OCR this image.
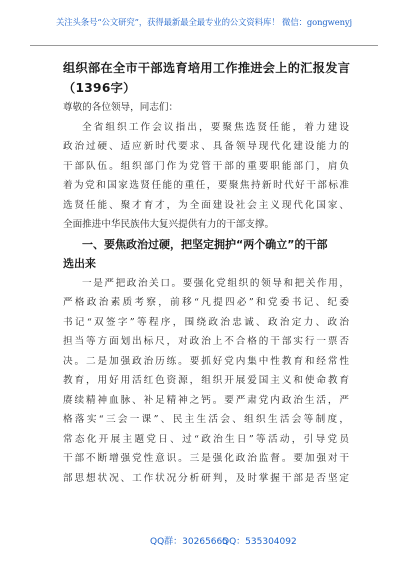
关注头条号“公文研究”，获得最新最全最专业的公文资料库！ 微信：gongwenyj
组织部在全市干部选育培用工作推进会上的汇报发言
（1396字）
尊敬的各位领导，同志们：
全省组织工作会议指出，要聚焦选贤任能，着力建设
政治过硬、适应新时代要求、具备领导现代化建设能力的
干部队伍。组织部门作为党管干部的重要职能部门，肩负
着为党和国家选贤任能的重任，要聚焦持新时代好干部标准
选贤任能、聚才育才，为全面建设社会主义现代化国家、
全面推进中华民族伟大复兴提供有力的干部支撑。
一、要焦政治过硬，把坚定拥护“两个确立”的干部
选出来
一是严把政治关口。要强化党组织的领导和把关作用，
严格政治素质考察，前移“凡提四必”和党委书记、纪委
书记“双签字”等程序，围绕政治忠诚、政治定力、政治
担当等方面划出标尺，对政治上不合格的干部实行一票否
决。二是加强政治历练。要抓好党内集中性教育和经常性
教育，用好用活红色资源，组织开展爱国主义和使命教育
赓续精神血脉、补足精神之钙。要严肃党内政治生活，严
格落实“三会一课”、民主生活会、组织生活会等制度，
常态化开展主题党日、过“政治生日”等活动，引导党员
干部不断增强党性意识。三是强化政治监督。要加强对干
部思想状况、工作状况分析研判，及时掌握干部是否坚定
QQ群：30265665
QQ：535304092
